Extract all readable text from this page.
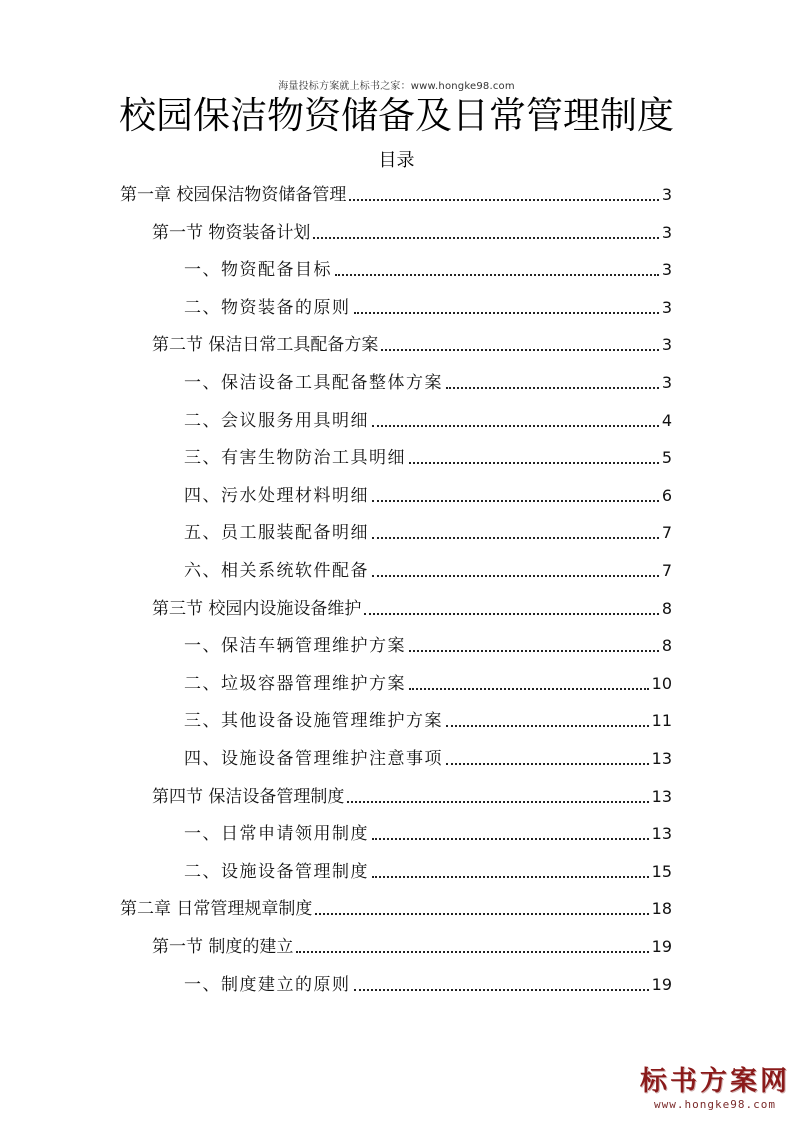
海量投标方案就上标书之家：www.hongke98.com
校园保洁物资储备及日常管理制度
目录
第一章 校园保洁物资储备管理	3
第一节 物资装备计划	3
一、物资配备目标	3
二、物资装备的原则	3
第二节 保洁日常工具配备方案	3
一、保洁设备工具配备整体方案	3
二、会议服务用具明细	4
三、有害生物防治工具明细	5
四、污水处理材料明细	6
五、员工服装配备明细	7
六、相关系统软件配备	7
第三节 校园内设施设备维护	8
一、保洁车辆管理维护方案	8
二、垃圾容器管理维护方案	10
三、其他设备设施管理维护方案	11
四、设施设备管理维护注意事项	13
第四节 保洁设备管理制度	13
一、日常申请领用制度	13
二、设施设备管理制度	15
第二章 日常管理规章制度	18
第一节 制度的建立	19
一、制度建立的原则	19
标书方案网
www.hongke98.com
